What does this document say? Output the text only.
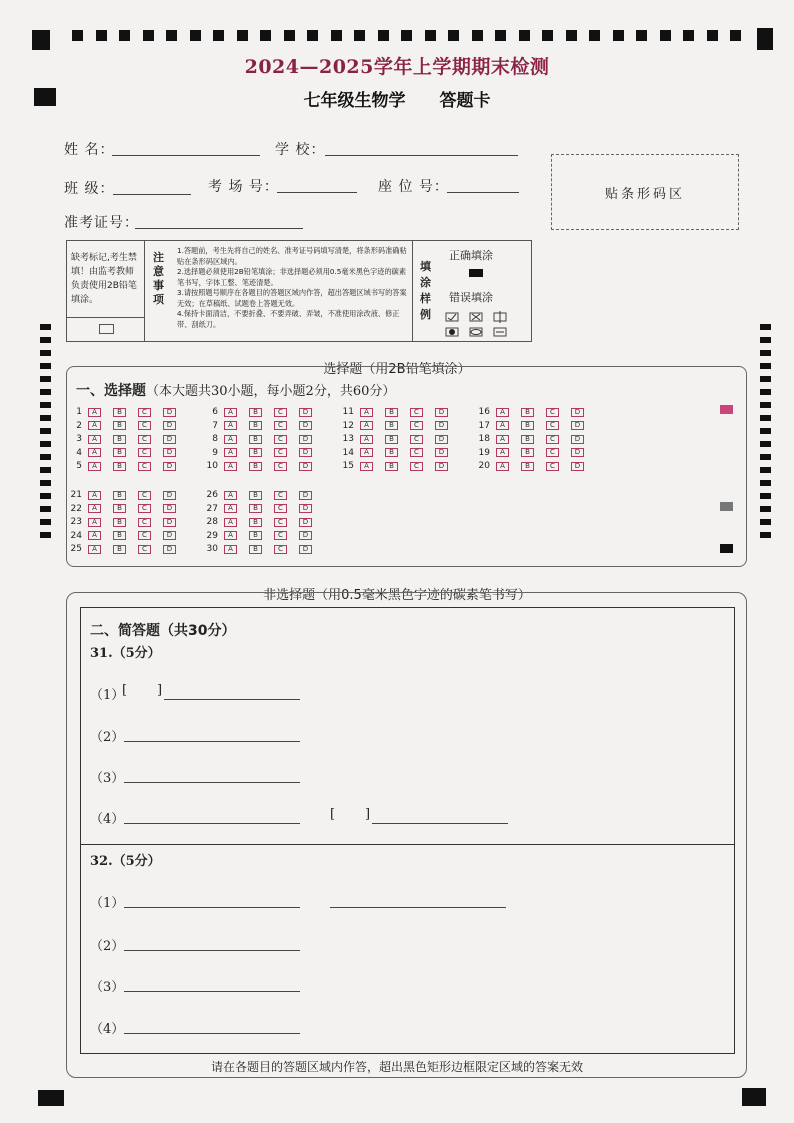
2024—2025学年上学期期末检测
七年级生物学　　答题卡
姓 名：	学 校：
班 级：	考 场 号：	座 位 号：
准考证号：
贴条形码区
缺考标记,考生禁填！由监考教师负责使用2B铅笔填涂。
注意事项
1.答题前，考生先将自己的姓名、准考证号码填写清楚，将条形码准确粘贴在条形码区域内。
2.选择题必须使用2B铅笔填涂；非选择题必须用0.5毫米黑色字迹的碳素笔书写，字体工整、笔迹清楚。
3.请按照题号顺序在各题目的答题区域内作答，超出答题区域书写的答案无效；在草稿纸、试题卷上答题无效。
4.保持卡面清洁，不要折叠、不要弄破、弄皱，不准使用涂改液、修正带、刮纸刀。
填涂样例
正确填涂
错误填涂
选择题（用2B铅笔填涂）
一、选择题（本大题共30小题，每小题2分，共60分）
1	A	B	C	D
2	A	B	C	D
3	A	B	C	D
4	A	B	C	D
5	A	B	C	D
6	A	B	C	D
7	A	B	C	D
8	A	B	C	D
9	A	B	C	D
10	A	B	C	D
11	A	B	C	D
12	A	B	C	D
13	A	B	C	D
14	A	B	C	D
15	A	B	C	D
16	A	B	C	D
17	A	B	C	D
18	A	B	C	D
19	A	B	C	D
20	A	B	C	D
21	A	B	C	D
22	A	B	C	D
23	A	B	C	D
24	A	B	C	D
25	A	B	C	D
26	A	B	C	D
27	A	B	C	D
28	A	B	C	D
29	A	B	C	D
30	A	B	C	D
非选择题（用0.5毫米黑色字迹的碳素笔书写）
二、简答题（共30分）
31.（5分）
（1）
[ ]
（2）
（3）
（4）	[ ]
32.（5分）
（1）
（2）
（3）
（4）
请在各题目的答题区域内作答，超出黑色矩形边框限定区域的答案无效
